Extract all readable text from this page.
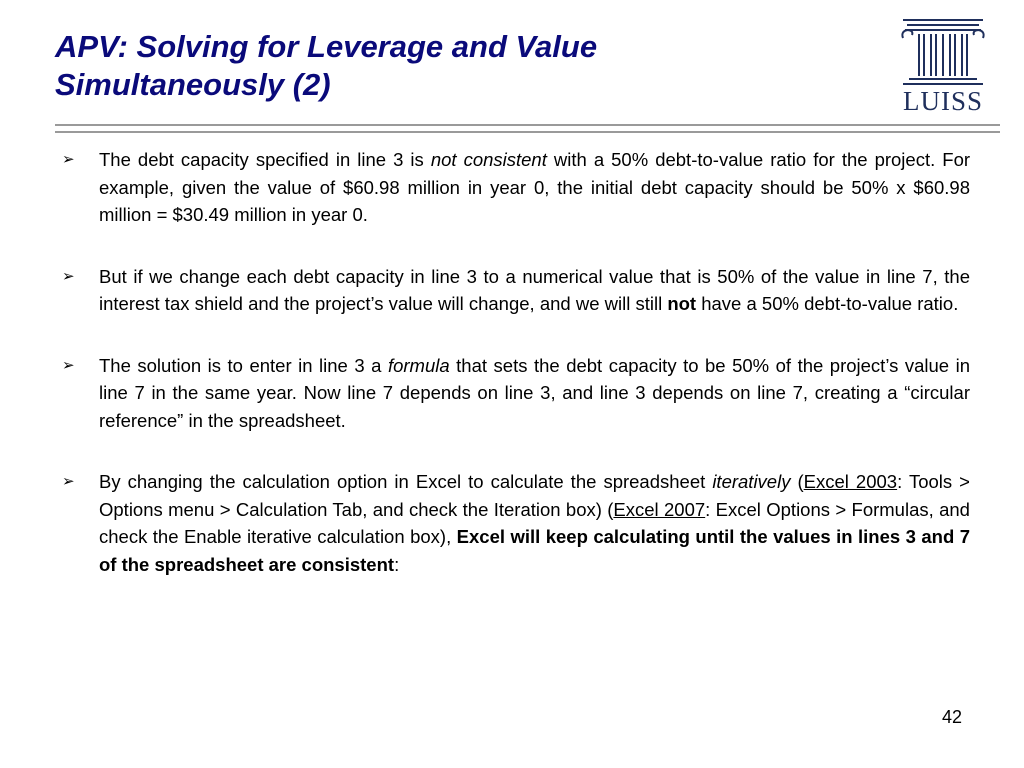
APV: Solving for Leverage and Value
Simultaneously (2)	LUISS

➢ The debt capacity specified in line 3 is not consistent with a 50% debt-to-value ratio for the project. For example, given the value of $60.98 million in year 0, the initial debt capacity should be 50% x $60.98 million = $30.49 million in year 0.

➢ But if we change each debt capacity in line 3 to a numerical value that is 50% of the value in line 7, the interest tax shield and the project’s value will change, and we will still not have a 50% debt-to-value ratio.

➢ The solution is to enter in line 3 a formula that sets the debt capacity to be 50% of the project’s value in line 7 in the same year. Now line 7 depends on line 3, and line 3 depends on line 7, creating a “circular reference” in the spreadsheet.

➢ By changing the calculation option in Excel to calculate the spreadsheet iteratively (Excel 2003: Tools > Options menu > Calculation Tab, and check the Iteration box) (Excel 2007: Excel Options > Formulas, and check the Enable iterative calculation box), Excel will keep calculating until the values in lines 3 and 7 of the spreadsheet are consistent:

42
